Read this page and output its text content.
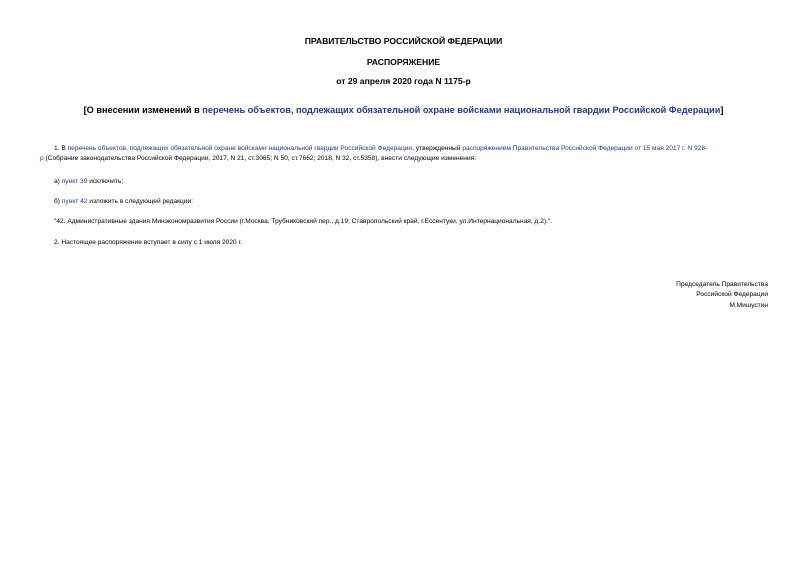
ПРАВИТЕЛЬСТВО РОССИЙСКОЙ ФЕДЕРАЦИИ
РАСПОРЯЖЕНИЕ
от 29 апреля 2020 года N 1175-р
[О внесении изменений в перечень объектов, подлежащих обязательной охране войсками национальной гвардии Российской Федерации]
1. В перечень объектов, подлежащих обязательной охране войсками национальной гвардии Российской Федерации, утвержденный распоряжением Правительства Российской Федерации от 15 мая 2017 г. N 928-
р (Собрание законодательства Российской Федерации, 2017, N 21, ст.3065; N 50, ст.7662; 2018, N 32, ст.5358), внести следующие изменения:
а) пункт 39 исключить;
б) пункт 42 изложить в следующей редакции:
"42. Административные здания Минэкономразвития России (г.Москва, Трубниковский пер., д.19; Ставропольский край, г.Ессентуки, ул.Интернациональная, д.2).".
2. Настоящее распоряжение вступает в силу с 1 июля 2020 г.
Председатель Правительства
Российской Федерации
М.Мишустин
